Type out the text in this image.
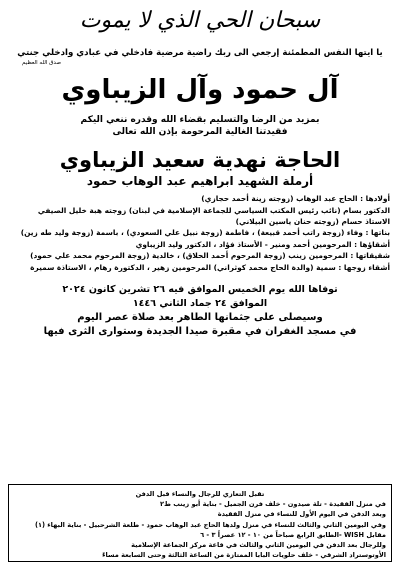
سبحان الحي الذي لا يموت
يا ايتها النفس المطمئنة إرجعي الى ربك راضية مرضية فادخلي في عبادي وادخلي جنتي
صدق الله العظيم
آل حمود وآل الزيباوي
بمزيد من الرضا والتسليم بقضاء الله وقدره ننعي اليكم
فقيدتنا الغالية المرحومة بإذن الله تعالى
الحاجة نهدية سعيد الزيباوي
أرملة الشهيد ابراهيم عبد الوهاب حمود
أولادها : الحاج عبد الوهاب (زوجته زينة أحمد حجازي)
الدكتور بسام (نائب رئيس المكتب السياسي للجماعة الإسلامية في لبنان) زوجته هبة خليل الصيفي
الاستاذ حسام (زوجته حنان ياسين البيلاني)
بناتها : وفاء (زوجة راتب أحمد قبيعة) ، فاطمة (زوجة نبيل علي السعودي) ، باسمة (زوجة وليد طه زين)
أشقاؤها : المرحومين أحمد ومنير - الأستاذ فؤاد ، الدكتور وليد الزيباوي
شقيقاتها : المرحومين زينب (زوجة المرحوم أحمد الحلاق) ، خالدية (زوجة المرحوم محمد علي حمود)
أشقاء زوجها : سمية (والدة الحاج محمد كوثراني) المرحومين زهير ، الدكتورة رهام ، الاستاذة سميرة
توفاها الله يوم الخميس الموافق فيه ٢٦ تشرين كانون ٢٠٢٤
الموافق ٢٤ جماد الثاني ١٤٤٦
وسيصلى على جثمانها الطاهر بعد صلاة عصر اليوم
في مسجد الغفران في مقبرة صيدا الجديدة وستوارى الثرى فيها
تقبل التعازي للرجال والنساء قبل الدفن
في منزل الفقيدة - تلة صيدون - خلف فرن الجميل - بناية أبو زينب ط٢
وبعد الدفن في اليوم الأول للنساء في منزل الفقيدة
وفي اليومين الثاني والثالث للنساء في منزل ولدها الحاج عبد الوهاب حمود - طلعة الشرحبيل - بناية البهاء (١)
مقابل WISH -الطابق الرابع صباحاً من ١٠ - ١٢ عصراً ٣ - ٦
وللرجال بعد الدفن في اليومين الثاني والثالث في قاعة مركز الجماعة الإسلامية
الأوتوستراد الشرقي - خلف حلويات البابا الممتازة من الساعة الثالثة وحتى السابعة مساءً
